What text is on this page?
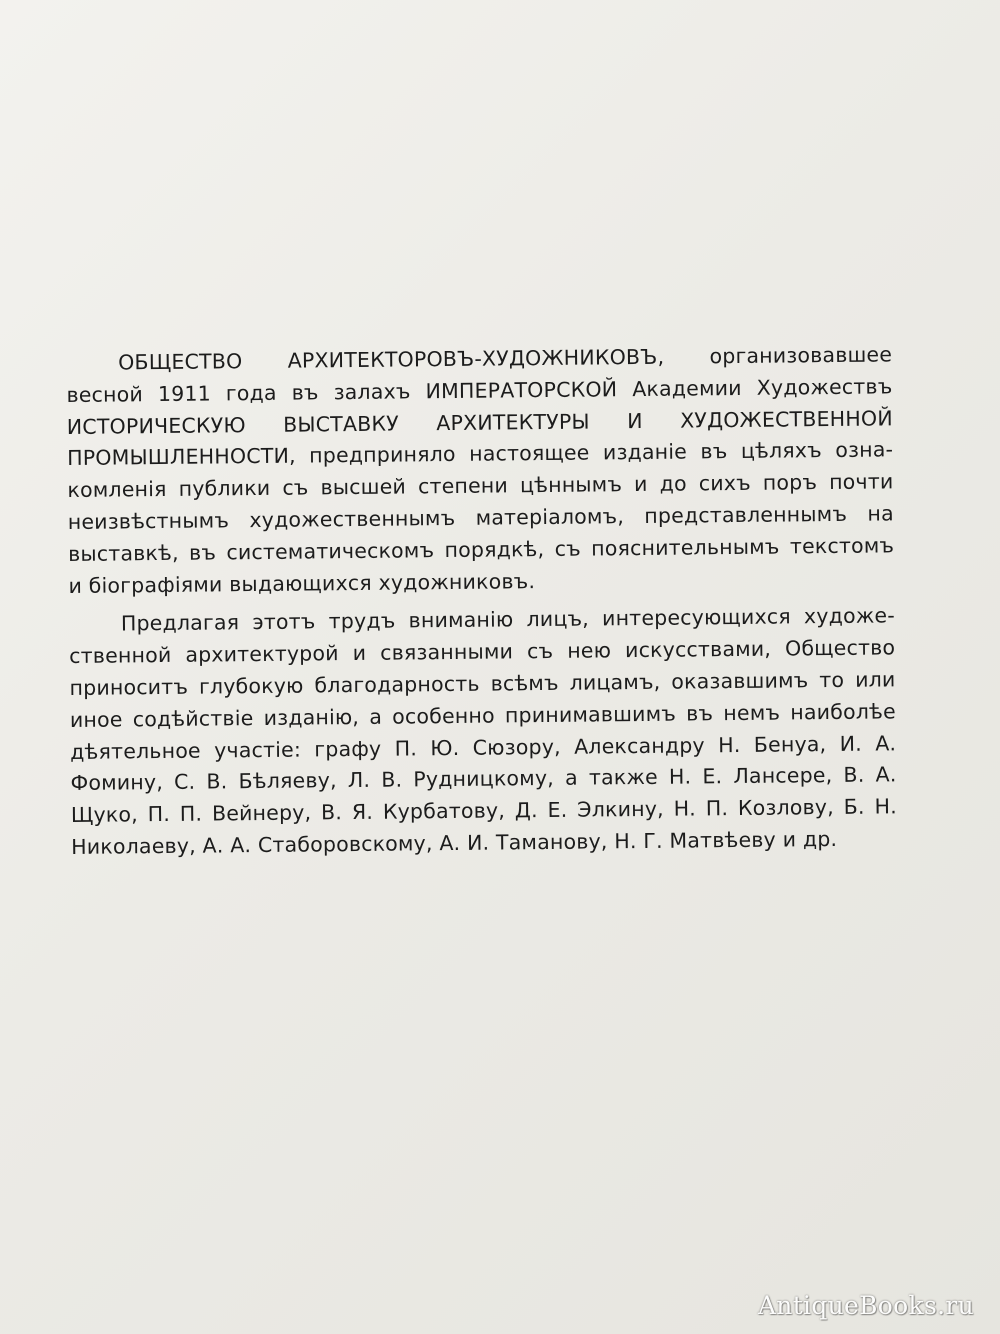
ОБЩЕСТВО АРХИТЕКТОРОВЪ-ХУДОЖНИКОВЪ, организовавшее
весной 1911 года въ залахъ ИМПЕРАТОРСКОЙ Академии Художествъ
ИСТОРИЧЕСКУЮ ВЫСТАВКУ АРХИТЕКТУРЫ И ХУДОЖЕСТВЕННОЙ
ПРОМЫШЛЕННОСТИ, предприняло настоящее изданіе въ цѣляхъ озна-
комленія публики съ высшей степени цѣннымъ и до сихъ поръ почти
неизвѣстнымъ художественнымъ матеріаломъ, представленнымъ на
выставкѣ, въ систематическомъ порядкѣ, съ пояснительнымъ текстомъ
и біографіями выдающихся художниковъ.
Предлагая этотъ трудъ вниманію лицъ, интересующихся художе-
ственной архитектурой и связанными съ нею искусствами, Общество
приноситъ глубокую благодарность всѣмъ лицамъ, оказавшимъ то или
иное содѣйствіе изданію, а особенно принимавшимъ въ немъ наиболѣе
дѣятельное участіе: графу П. Ю. Сюзору, Александру Н. Бенуа, И. А.
Фомину, С. В. Бѣляеву, Л. В. Рудницкому, а также Н. Е. Лансере, В. А.
Щуко, П. П. Вейнеру, В. Я. Курбатову, Д. Е. Элкину, Н. П. Козлову, Б. Н.
Николаеву, А. А. Стаборовскому, А. И. Таманову, Н. Г. Матвѣеву и др.
AntiqueBooks.ru
